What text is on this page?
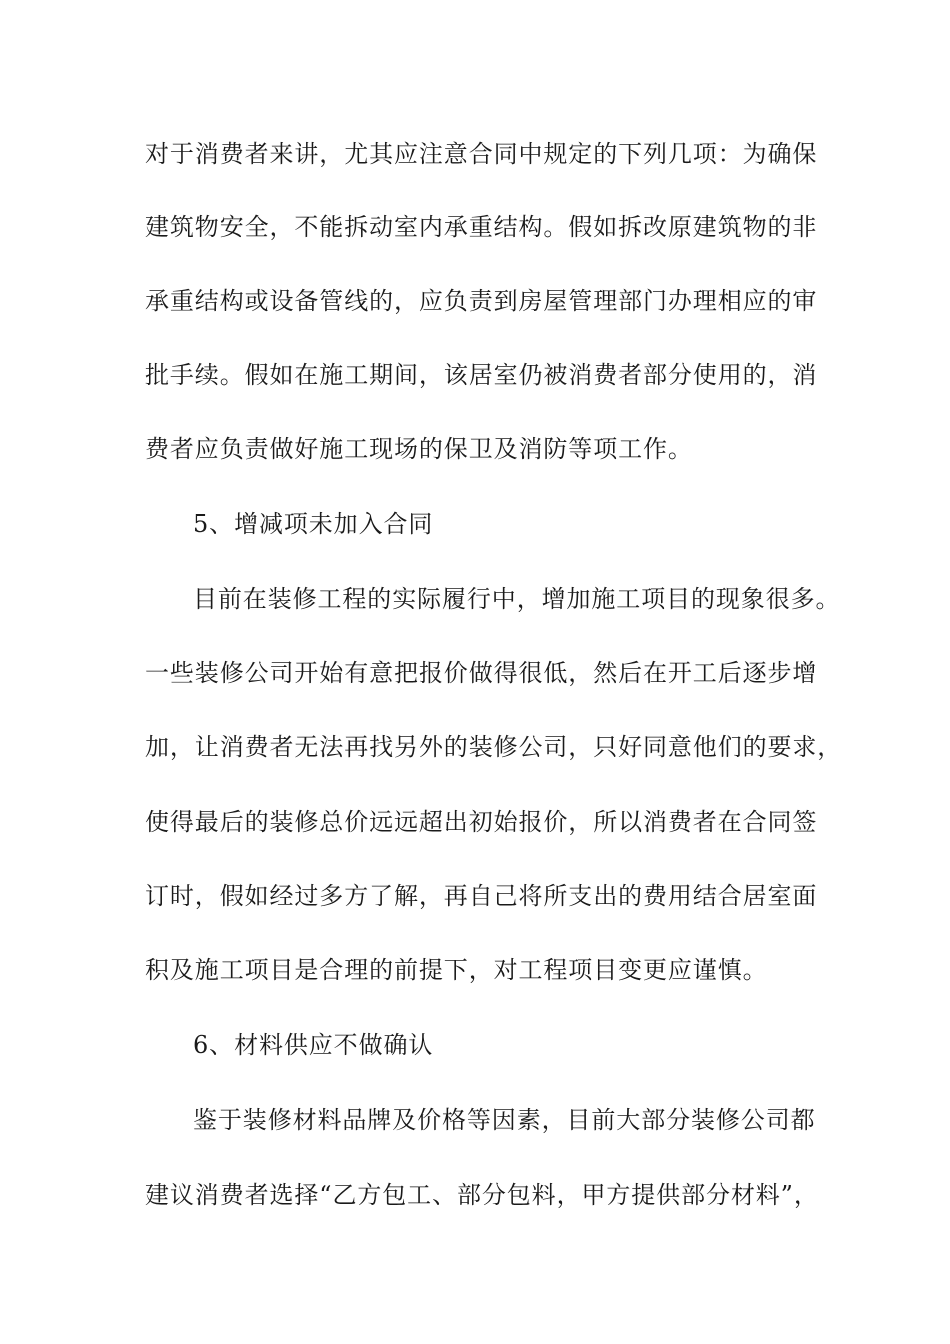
对于消费者来讲，尤其应注意合同中规定的下列几项：为确保
建筑物安全，不能拆动室内承重结构。假如拆改原建筑物的非
承重结构或设备管线的，应负责到房屋管理部门办理相应的审
批手续。假如在施工期间，该居室仍被消费者部分使用的，消
费者应负责做好施工现场的保卫及消防等项工作。
5、增减项未加入合同
目前在装修工程的实际履行中，增加施工项目的现象很多。
一些装修公司开始有意把报价做得很低，然后在开工后逐步增
加，让消费者无法再找另外的装修公司，只好同意他们的要求，
使得最后的装修总价远远超出初始报价，所以消费者在合同签
订时，假如经过多方了解，再自己将所支出的费用结合居室面
积及施工项目是合理的前提下，对工程项目变更应谨慎。
6、材料供应不做确认
鉴于装修材料品牌及价格等因素，目前大部分装修公司都
建议消费者选择“乙方包工、部分包料，甲方提供部分材料”，
